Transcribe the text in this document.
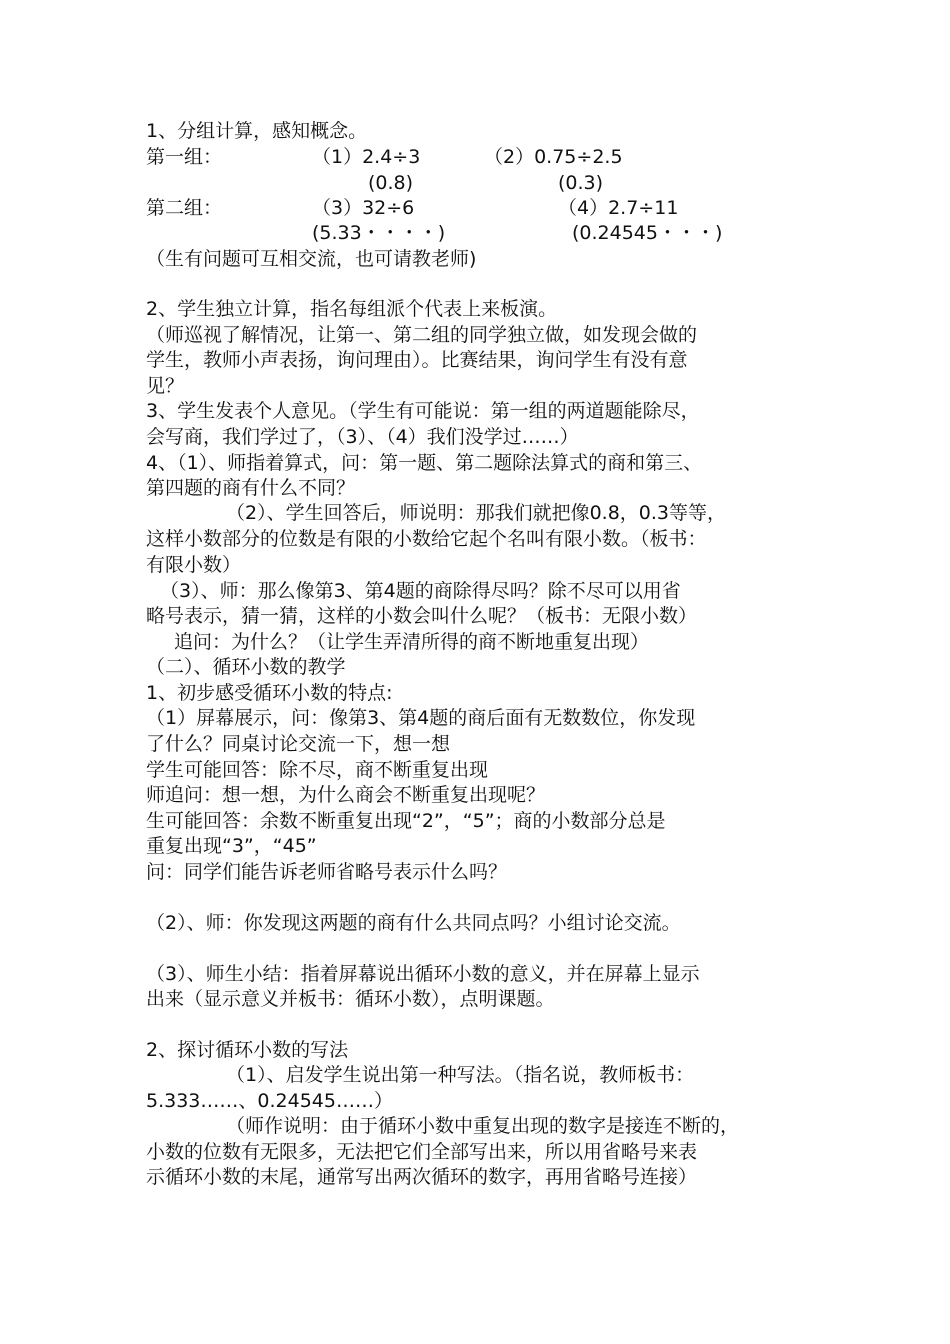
1、分组计算，感知概念。

第一组：	（1）2.4÷3	（2）0.75÷2.5

(0.8)	(0.3)

第二组：	（3）32÷6	（4）2.7÷11

(5.33・・・・)	(0.24545・・・)

（生有问题可互相交流，也可请教老师)

2、学生独立计算，指名每组派个代表上来板演。

（师巡视了解情况，让第一、第二组的同学独立做，如发现会做的

学生，教师小声表扬，询问理由）。比赛结果，询问学生有没有意

见？

3、学生发表个人意见。（学生有可能说：第一组的两道题能除尽，

会写商，我们学过了，（3）、（4）我们没学过……）

4、（1）、师指着算式，问：第一题、第二题除法算式的商和第三、

第四题的商有什么不同？

（2）、学生回答后，师说明：那我们就把像0.8，0.3等等，

这样小数部分的位数是有限的小数给它起个名叫有限小数。（板书：

有限小数）

（3）、师：那么像第3、第4题的商除得尽吗？除不尽可以用省

略号表示，猜一猜，这样的小数会叫什么呢？（板书：无限小数）

追问：为什么？（让学生弄清所得的商不断地重复出现）

（二）、循环小数的教学

1、初步感受循环小数的特点:

（1）屏幕展示，问：像第3、第4题的商后面有无数数位，你发现

了什么？同桌讨论交流一下，想一想

学生可能回答：除不尽，商不断重复出现

师追问：想一想，为什么商会不断重复出现呢？

生可能回答：余数不断重复出现“2”，“5”；商的小数部分总是

重复出现“3”，“45”

问：同学们能告诉老师省略号表示什么吗？

（2）、师：你发现这两题的商有什么共同点吗？小组讨论交流。

（3）、师生小结：指着屏幕说出循环小数的意义，并在屏幕上显示

出来（显示意义并板书：循环小数），点明课题。

2、探讨循环小数的写法

（1）、启发学生说出第一种写法。（指名说，教师板书：

5.333……、0.24545……）

（师作说明：由于循环小数中重复出现的数字是接连不断的，

小数的位数有无限多，无法把它们全部写出来，所以用省略号来表

示循环小数的末尾，通常写出两次循环的数字，再用省略号连接）
